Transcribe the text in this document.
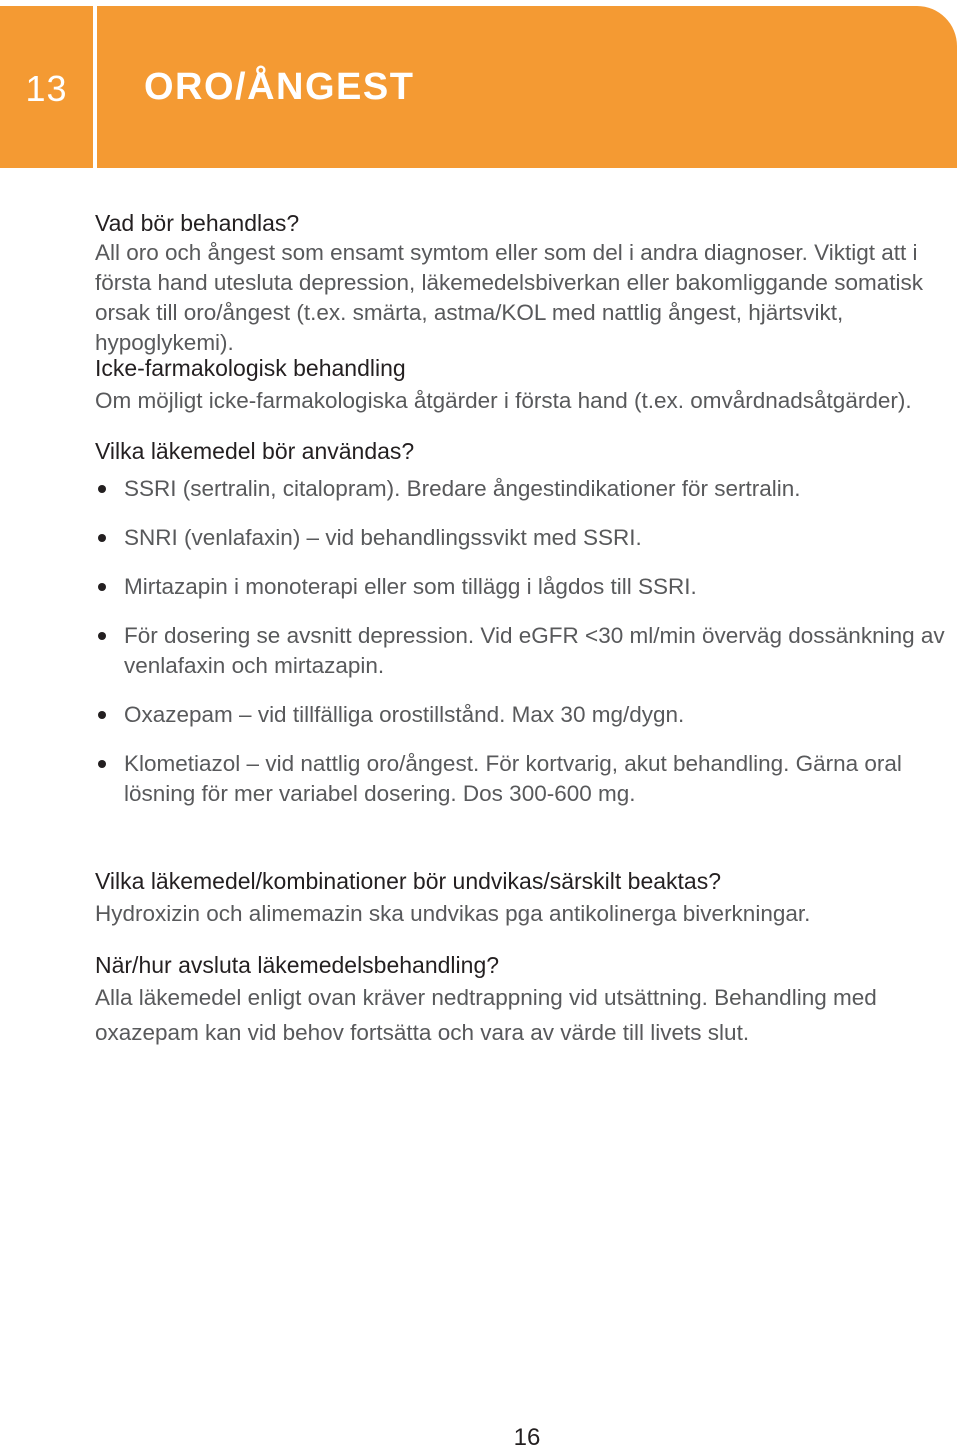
13	ORO/ÅNGEST
Vad bör behandlas?
All oro och ångest som ensamt symtom eller som del i andra diagnoser. Viktigt att i första hand utesluta depression, läkemedelsbiverkan eller bakomliggande somatisk orsak till oro/ångest (t.ex. smärta, astma/KOL med nattlig ångest, hjärtsvikt, hypoglykemi).
Icke-farmakologisk behandling
Om möjligt icke-farmakologiska åtgärder i första hand (t.ex. omvårdnadsåtgärder).
Vilka läkemedel bör användas?
SSRI (sertralin, citalopram). Bredare ångestindikationer för sertralin.
SNRI (venlafaxin) – vid behandlingssvikt med SSRI.
Mirtazapin i monoterapi eller som tillägg i lågdos till SSRI.
För dosering se avsnitt depression. Vid eGFR <30 ml/min överväg dossänkning av venlafaxin och mirtazapin.
Oxazepam – vid tillfälliga orostillstånd. Max 30 mg/dygn.
Klometiazol – vid nattlig oro/ångest. För kortvarig, akut behandling. Gärna oral lösning för mer variabel dosering. Dos 300-600 mg.
Vilka läkemedel/kombinationer bör undvikas/särskilt beaktas?
Hydroxizin och alimemazin ska undvikas pga antikolinerga biverkningar.
När/hur avsluta läkemedelsbehandling?
Alla läkemedel enligt ovan kräver nedtrappning vid utsättning. Behandling med oxazepam kan vid behov fortsätta och vara av värde till livets slut.
16
